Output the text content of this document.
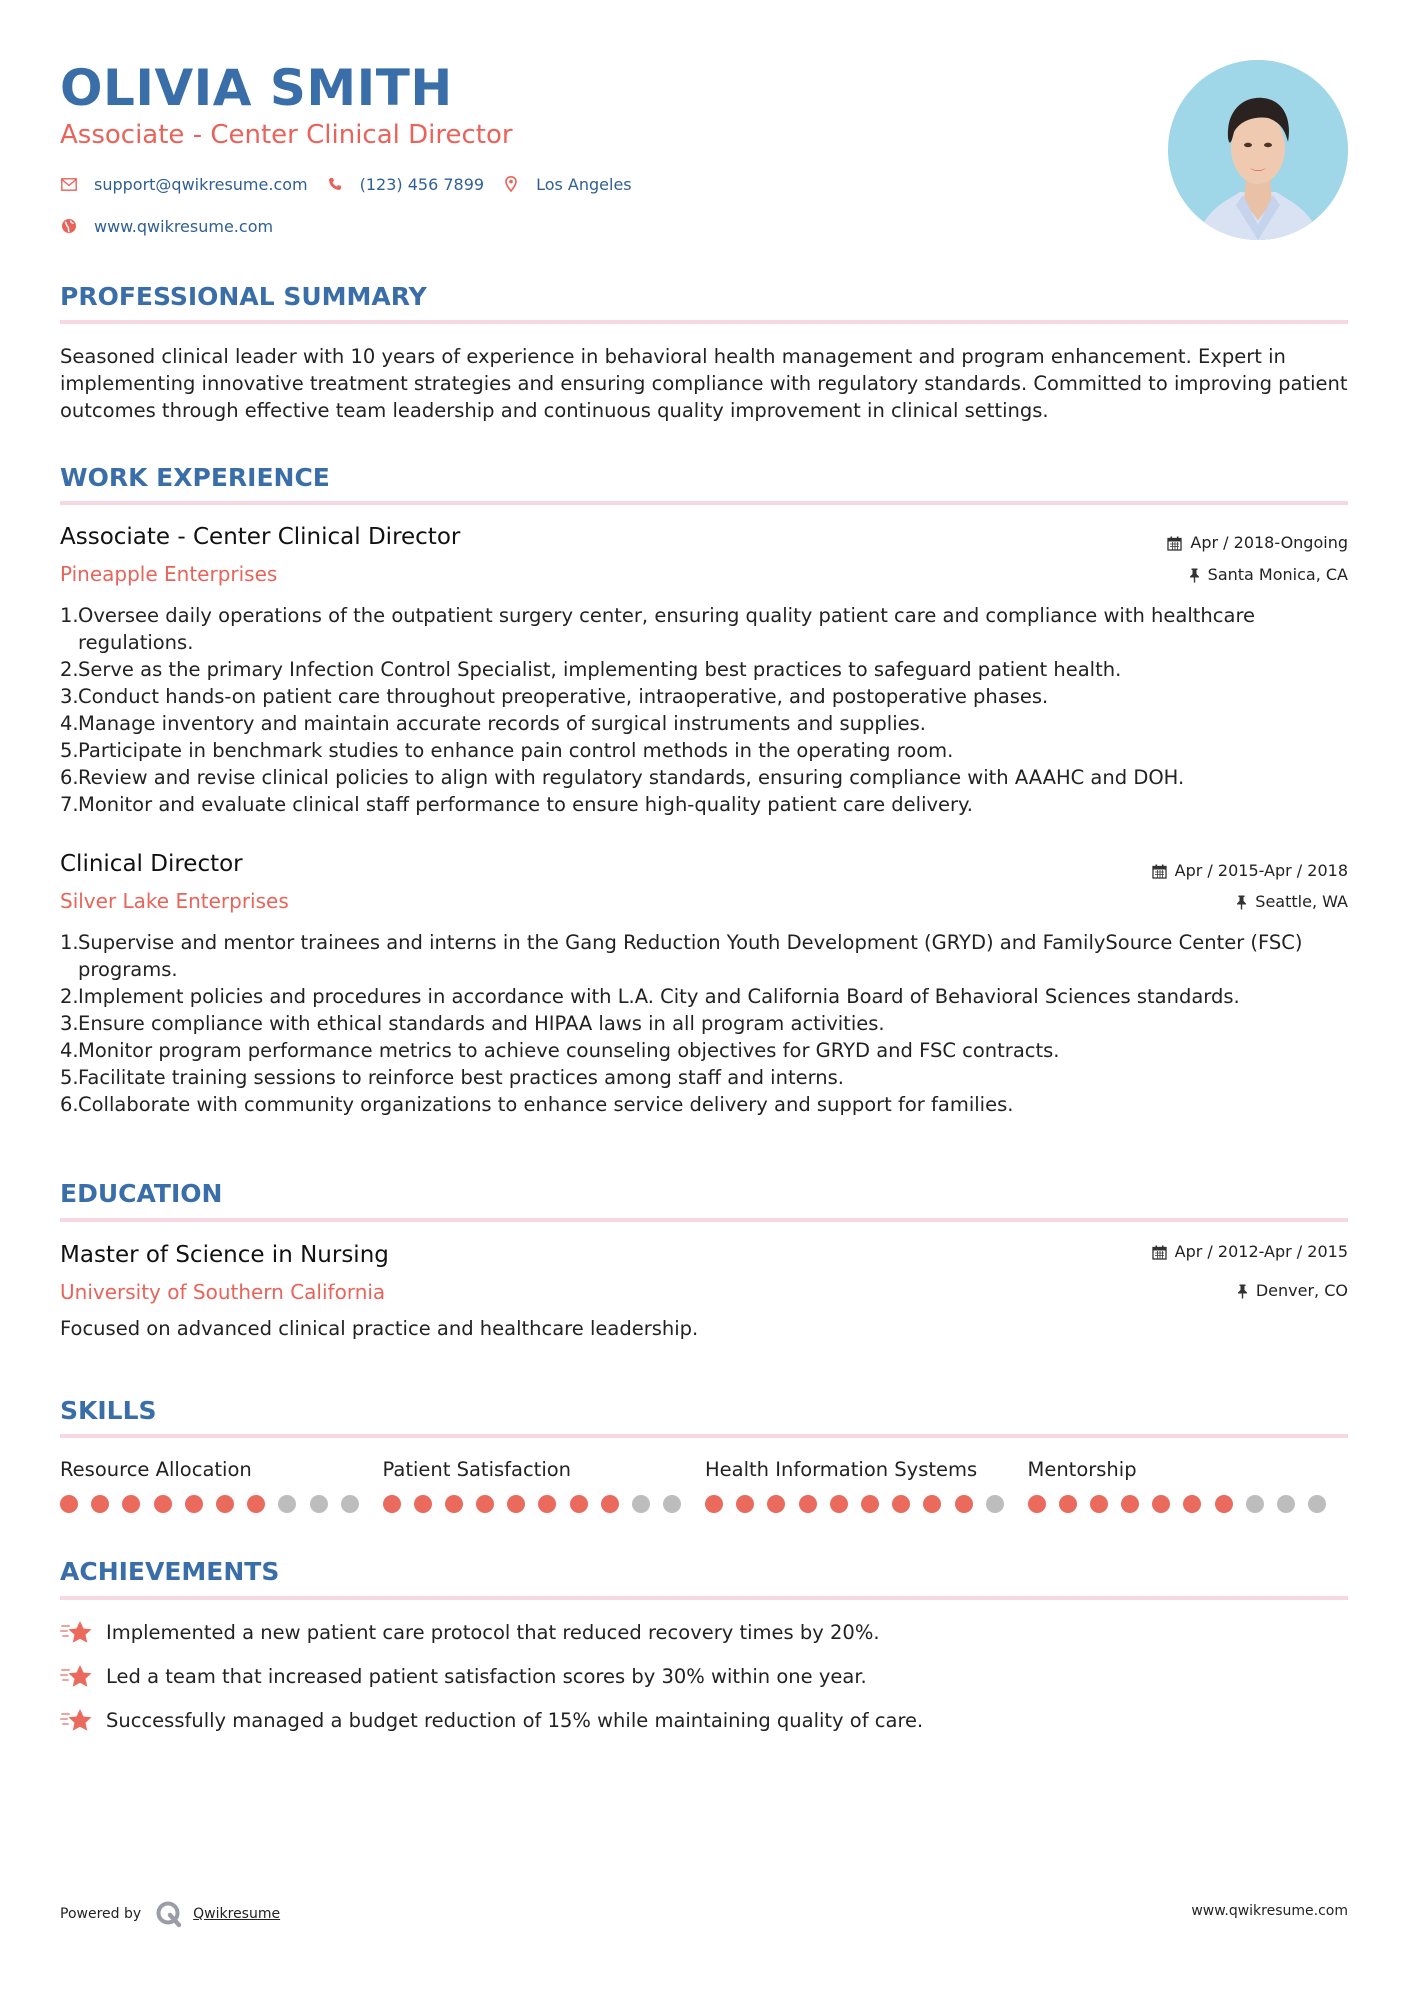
OLIVIA SMITH
Associate - Center Clinical Director
support@qwikresume.com	(123) 456 7899	Los Angeles
www.qwikresume.com
PROFESSIONAL SUMMARY
Seasoned clinical leader with 10 years of experience in behavioral health management and program enhancement. Expert in implementing innovative treatment strategies and ensuring compliance with regulatory standards. Committed to improving patient outcomes through effective team leadership and continuous quality improvement in clinical settings.
WORK EXPERIENCE
Associate - Center Clinical Director	Apr / 2018-Ongoing
Pineapple Enterprises	Santa Monica, CA
Oversee daily operations of the outpatient surgery center, ensuring quality patient care and compliance with healthcare regulations.
Serve as the primary Infection Control Specialist, implementing best practices to safeguard patient health.
Conduct hands-on patient care throughout preoperative, intraoperative, and postoperative phases.
Manage inventory and maintain accurate records of surgical instruments and supplies.
Participate in benchmark studies to enhance pain control methods in the operating room.
Review and revise clinical policies to align with regulatory standards, ensuring compliance with AAAHC and DOH.
Monitor and evaluate clinical staff performance to ensure high-quality patient care delivery.
Clinical Director	Apr / 2015-Apr / 2018
Silver Lake Enterprises	Seattle, WA
Supervise and mentor trainees and interns in the Gang Reduction Youth Development (GRYD) and FamilySource Center (FSC) programs.
Implement policies and procedures in accordance with L.A. City and California Board of Behavioral Sciences standards.
Ensure compliance with ethical standards and HIPAA laws in all program activities.
Monitor program performance metrics to achieve counseling objectives for GRYD and FSC contracts.
Facilitate training sessions to reinforce best practices among staff and interns.
Collaborate with community organizations to enhance service delivery and support for families.
EDUCATION
Master of Science in Nursing	Apr / 2012-Apr / 2015
University of Southern California	Denver, CO
Focused on advanced clinical practice and healthcare leadership.
SKILLS
Resource Allocation	Patient Satisfaction	Health Information Systems	Mentorship
ACHIEVEMENTS
Implemented a new patient care protocol that reduced recovery times by 20%.
Led a team that increased patient satisfaction scores by 30% within one year.
Successfully managed a budget reduction of 15% while maintaining quality of care.
Powered by	Qwikresume	www.qwikresume.com
